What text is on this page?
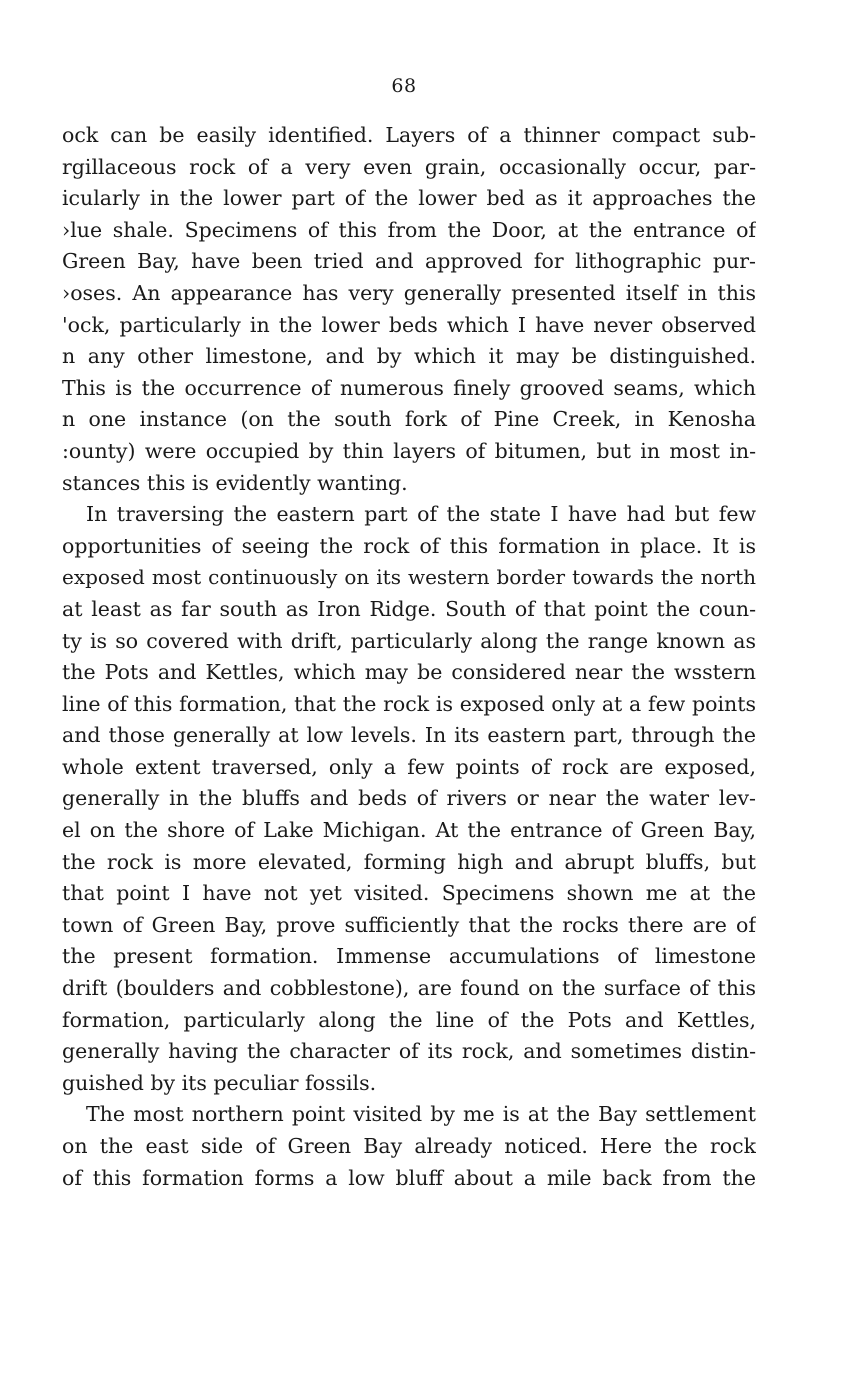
68
ock can be easily identified. Layers of a thinner compact sub-
rgillaceous rock of a very even grain, occasionally occur, par-
icularly in the lower part of the lower bed as it approaches the
›lue shale. Specimens of this from the Door, at the entrance of
Green Bay, have been tried and approved for lithographic pur-
›oses. An appearance has very generally presented itself in this
'ock, particularly in the lower beds which I have never observed
n any other limestone, and by which it may be distinguished.
This is the occurrence of numerous finely grooved seams, which
n one instance (on the south fork of Pine Creek, in Kenosha
:ounty) were occupied by thin layers of bitumen, but in most in-
stances this is evidently wanting.
In traversing the eastern part of the state I have had but few
opportunities of seeing the rock of this formation in place. It is
exposed most continuously on its western border towards the north
at least as far south as Iron Ridge. South of that point the coun-
ty is so covered with drift, particularly along the range known as
the Pots and Kettles, which may be considered near the wsstern
line of this formation, that the rock is exposed only at a few points
and those generally at low levels. In its eastern part, through the
whole extent traversed, only a few points of rock are exposed,
generally in the bluffs and beds of rivers or near the water lev-
el on the shore of Lake Michigan. At the entrance of Green Bay,
the rock is more elevated, forming high and abrupt bluffs, but
that point I have not yet visited. Specimens shown me at the
town of Green Bay, prove sufficiently that the rocks there are of
the present formation. Immense accumulations of limestone
drift (boulders and cobblestone), are found on the surface of this
formation, particularly along the line of the Pots and Kettles,
generally having the character of its rock, and sometimes distin-
guished by its peculiar fossils.
The most northern point visited by me is at the Bay settlement
on the east side of Green Bay already noticed. Here the rock
of this formation forms a low bluff about a mile back from the
